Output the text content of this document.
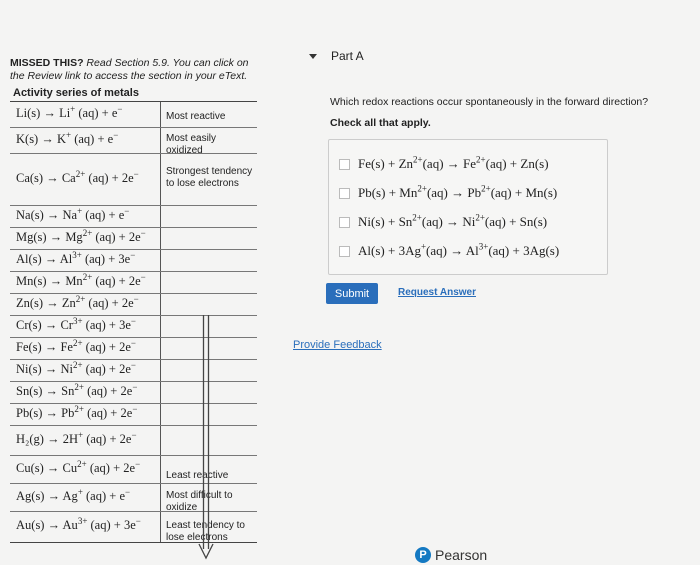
MISSED THIS? Read Section 5.9. You can click on the Review link to access the section in your eText.
Activity series of metals
Li(s) → Li+ (aq) + e−
K(s) → K+ (aq) + e−
$Ca(s) \to Ca^{2+}$ (aq) + 2e−
Na(s) → Na+ (aq) + e−
$Mg(s) \to Mg^{2+}$ (aq) + 2e−
$Al(s) \to Al^{3+}$ (aq) + 3e−
$Mn(s) \to Mn^{2+}$ (aq) + 2e−
$Zn(s) \to Zn^{2+}$ (aq) + 2e−
$Cr(s) \to Cr^{3+}$ (aq) + 3e−
$Fe(s) \to Fe^{2+}$ (aq) + 2e−
$Ni(s) \to Ni^{2+}$ (aq) + 2e−
$Sn(s) \to Sn^{2+}$ (aq) + 2e−
$Pb(s) \to Pb^{2+}$ (aq) + 2e−
H₂(g) → 2H+ (aq) + 2e−
$Cu(s) \to Cu^{2+}$ (aq) + 2e−
Ag(s) → Ag+ (aq) + e−
$Au(s) \to Au^{3+}$ (aq) + 3e−
Most reactive
Most easily oxidized
Strongest tendency to lose electrons
Least reactive
Most difficult to oxidize
Least tendency to lose electrons
Part A
Which redox reactions occur spontaneously in the forward direction?
Check all that apply.
$Fe(s) + Zn^{2+}(aq) \to Fe^{2+}(aq) + Zn(s)$
$Pb(s) + Mn^{2+}(aq) \to Pb^{2+}(aq) + Mn(s)$
$Ni(s) + Sn^{2+}(aq) \to Ni^{2+}(aq) + Sn(s)$
$Al(s) + 3Ag^+(aq) \to Al^{3+}(aq) + 3Ag(s)$
Submit	Request Answer
Provide Feedback
P Pearson
